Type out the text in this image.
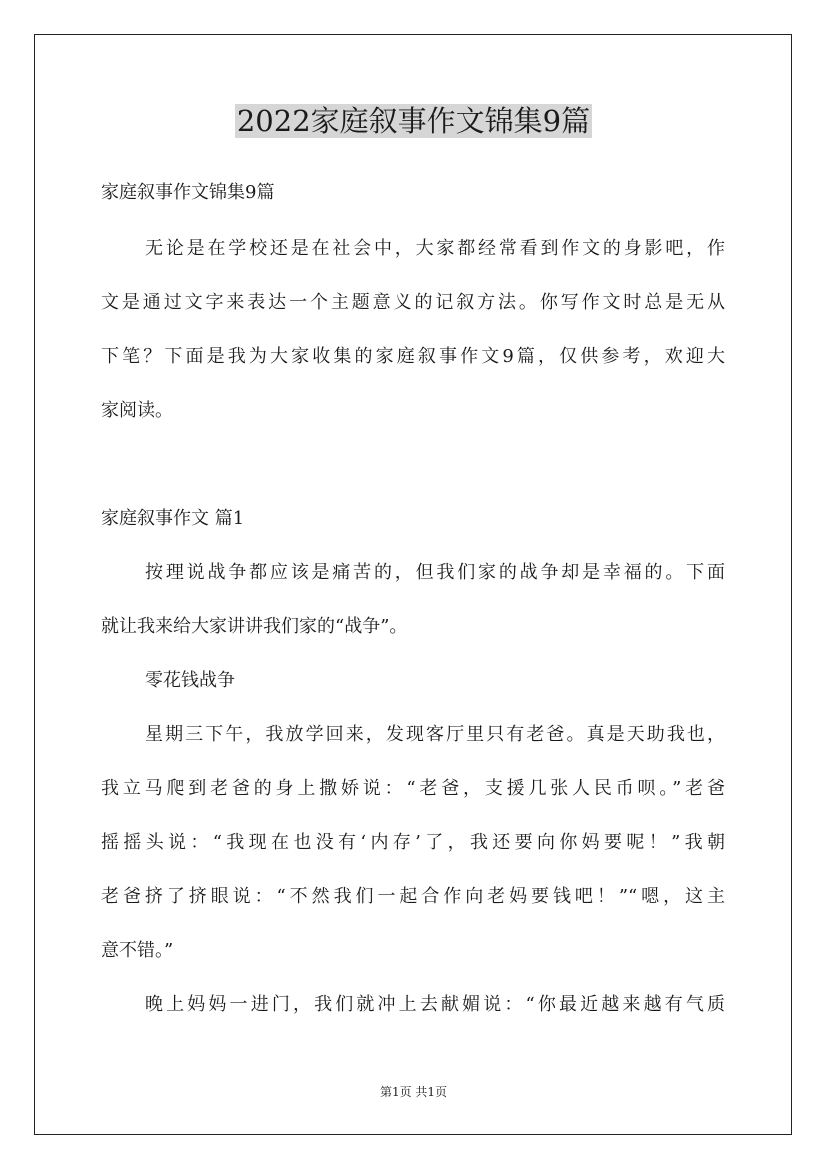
2022家庭叙事作文锦集9篇
家庭叙事作文锦集9篇
无论是在学校还是在社会中，大家都经常看到作文的身影吧，作
文是通过文字来表达一个主题意义的记叙方法。你写作文时总是无从
下笔？下面是我为大家收集的家庭叙事作文9篇，仅供参考，欢迎大
家阅读。
家庭叙事作文 篇1
按理说战争都应该是痛苦的，但我们家的战争却是幸福的。下面
就让我来给大家讲讲我们家的“战争”。
零花钱战争
星期三下午，我放学回来，发现客厅里只有老爸。真是天助我也，
我立马爬到老爸的身上撒娇说：“老爸，支援几张人民币呗。”老爸
摇摇头说：“我现在也没有‘内存’了，我还要向你妈要呢！”我朝
老爸挤了挤眼说：“不然我们一起合作向老妈要钱吧！”“嗯，这主
意不错。”
晚上妈妈一进门，我们就冲上去献媚说：“你最近越来越有气质
第1页 共1页
